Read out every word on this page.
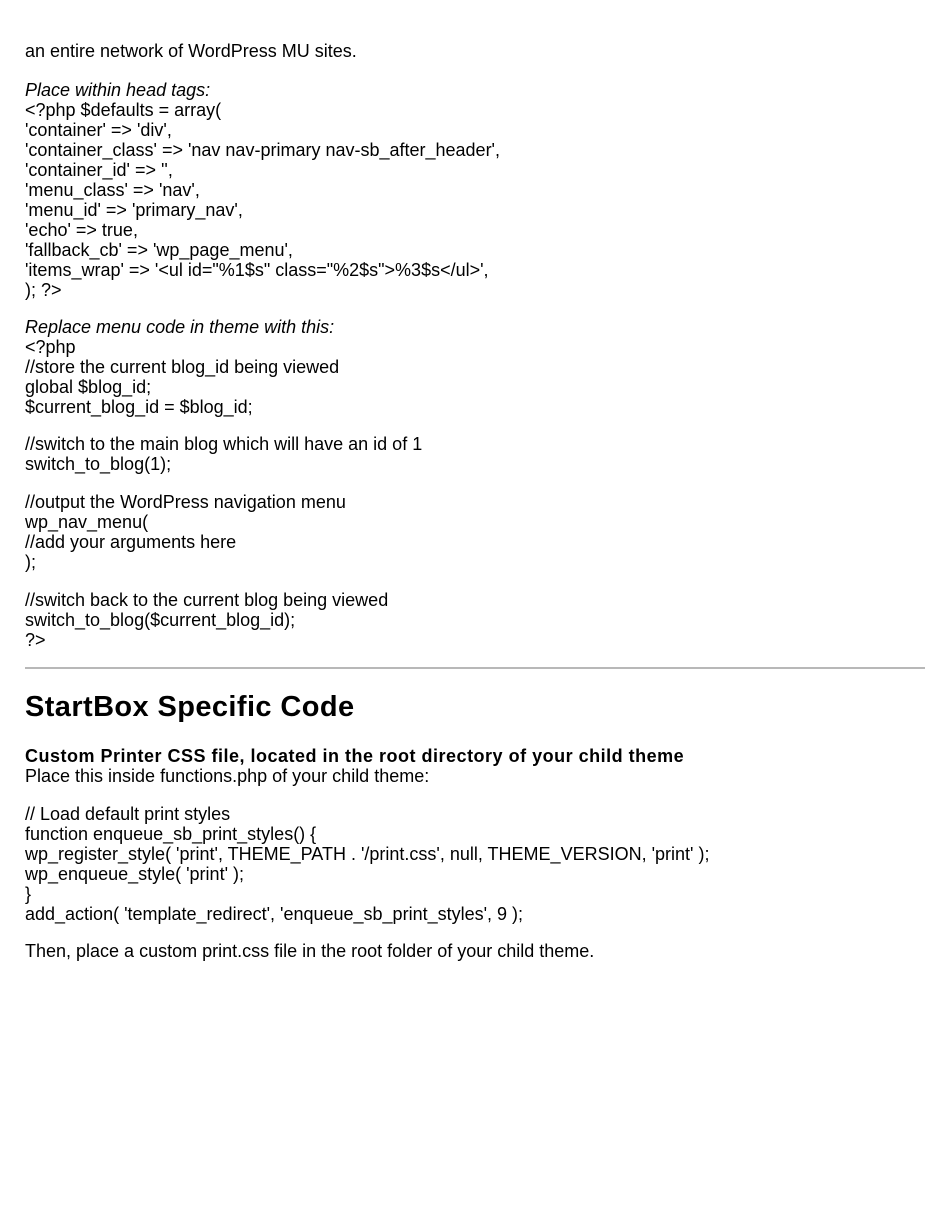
an entire network of WordPress MU sites.
Place within head tags:
<?php $defaults = array(
'container' => 'div',
'container_class' => 'nav nav-primary nav-sb_after_header',
'container_id' => '',
'menu_class' => 'nav',
'menu_id' => 'primary_nav',
'echo' => true,
'fallback_cb' => 'wp_page_menu',
'items_wrap' => '<ul id="%1$s" class="%2$s">%3$s</ul>',
); ?>
Replace menu code in theme with this:
<?php
//store the current blog_id being viewed
global $blog_id;
$current_blog_id = $blog_id;
//switch to the main blog which will have an id of 1
switch_to_blog(1);
//output the WordPress navigation menu
wp_nav_menu(
//add your arguments here
);
//switch back to the current blog being viewed
switch_to_blog($current_blog_id);
?>
StartBox Specific Code
Custom Printer CSS file, located in the root directory of your child theme
Place this inside functions.php of your child theme:
// Load default print styles
function enqueue_sb_print_styles() {
wp_register_style( 'print', THEME_PATH . '/print.css', null, THEME_VERSION, 'print' );
wp_enqueue_style( 'print' );
}
add_action( 'template_redirect', 'enqueue_sb_print_styles', 9 );
Then, place a custom print.css file in the root folder of your child theme.
